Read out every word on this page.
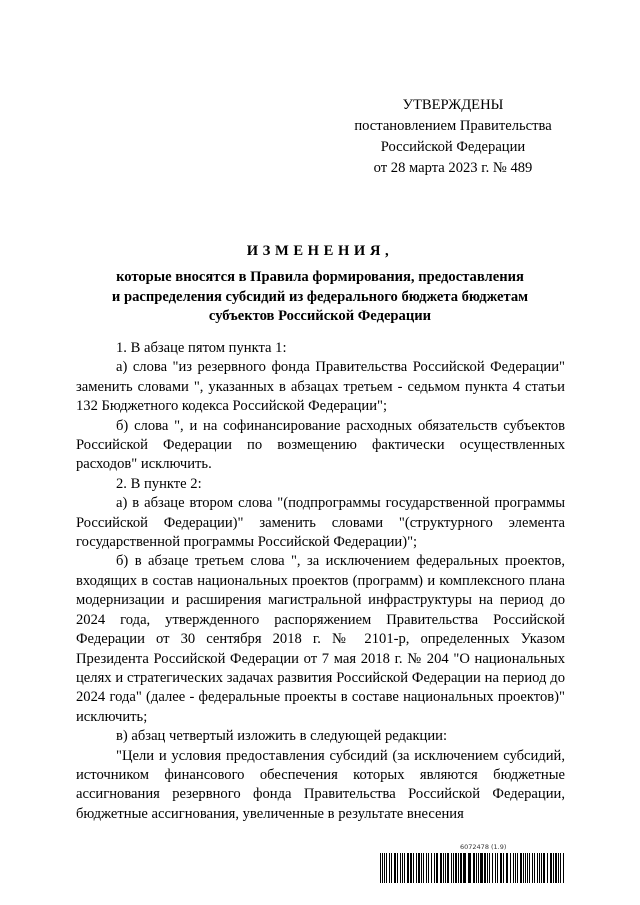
УТВЕРЖДЕНЫ
постановлением Правительства
Российской Федерации
от 28 марта 2023 г. № 489
ИЗМЕНЕНИЯ,
которые вносятся в Правила формирования, предоставления
и распределения субсидий из федерального бюджета бюджетам
субъектов Российской Федерации

1. В абзаце пятом пункта 1:

а) слова "из резервного фонда Правительства Российской Федерации" заменить словами ", указанных в абзацах третьем - седьмом пункта 4 статьи 132 Бюджетного кодекса Российской Федерации";

б) слова ", и на софинансирование расходных обязательств субъектов Российской Федерации по возмещению фактически осуществленных расходов" исключить.

2. В пункте 2:

а) в абзаце втором слова "(подпрограммы государственной программы Российской Федерации)" заменить словами "(структурного элемента государственной программы Российской Федерации)";

б) в абзаце третьем слова ", за исключением федеральных проектов, входящих в состав национальных проектов (программ) и комплексного плана модернизации и расширения магистральной инфраструктуры на период до 2024 года, утвержденного распоряжением Правительства Российской Федерации от 30 сентября 2018 г. № 2101-р, определенных Указом Президента Российской Федерации от 7 мая 2018 г. № 204 "О национальных целях и стратегических задачах развития Российской Федерации на период до 2024 года" (далее - федеральные проекты в составе национальных проектов)" исключить;

в) абзац четвертый изложить в следующей редакции:

"Цели и условия предоставления субсидий (за исключением субсидий, источником финансового обеспечения которых являются бюджетные ассигнования резервного фонда Правительства Российской Федерации, бюджетные ассигнования, увеличенные в результате внесения

6072478 (1.9)
